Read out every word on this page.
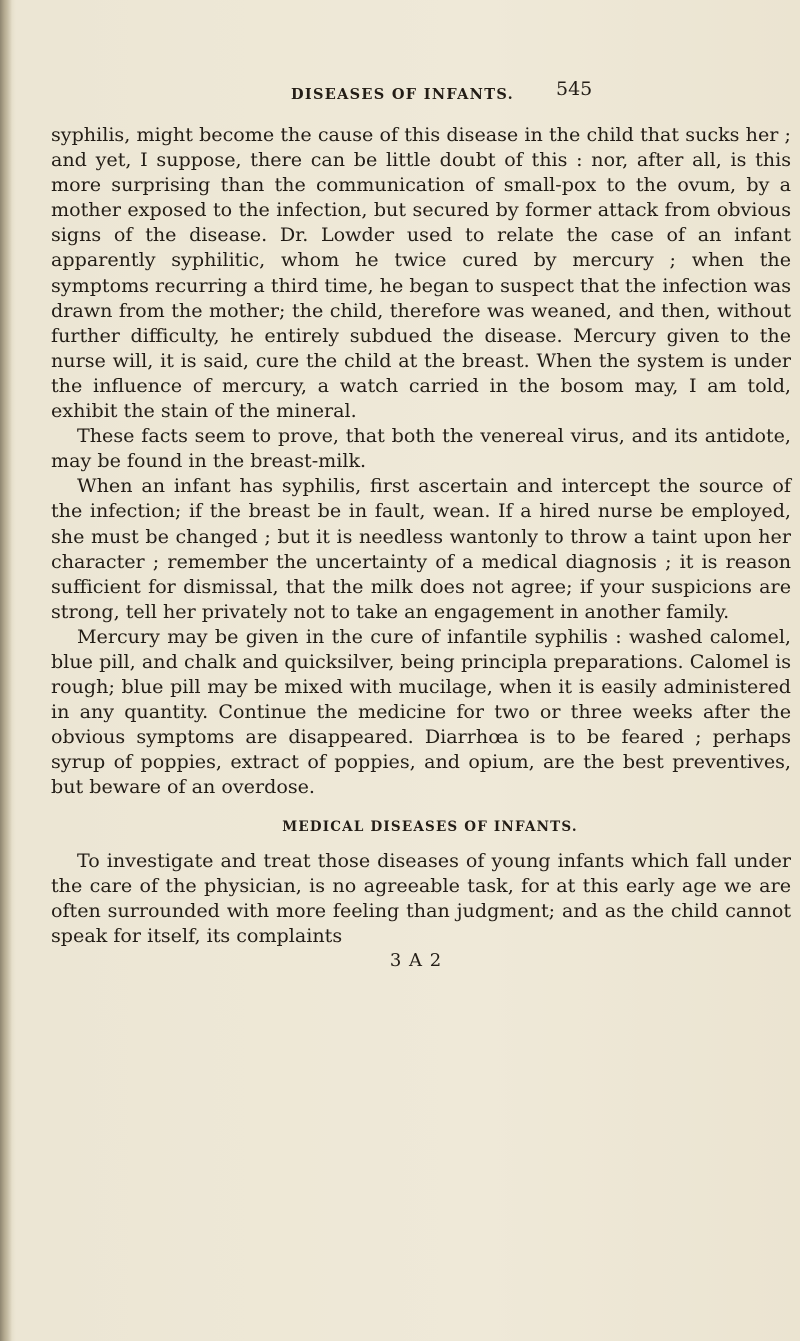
DISEASES OF INFANTS. 545

syphilis, might become the cause of this disease in the child that sucks her ; and yet, I suppose, there can be little doubt of this : nor, after all, is this more surprising than the communication of small-pox to the ovum, by a mother exposed to the infection, but secured by former attack from obvious signs of the disease. Dr. Lowder used to relate the case of an infant apparently syphilitic, whom he twice cured by mercury ; when the symptoms recurring a third time, he began to suspect that the infection was drawn from the mother; the child, therefore was weaned, and then, without further difficulty, he entirely subdued the disease. Mercury given to the nurse will, it is said, cure the child at the breast. When the system is under the influence of mercury, a watch carried in the bosom may, I am told, exhibit the stain of the mineral.

These facts seem to prove, that both the venereal virus, and its antidote, may be found in the breast-milk.

When an infant has syphilis, first ascertain and intercept the source of the infection; if the breast be in fault, wean. If a hired nurse be employed, she must be changed ; but it is needless wantonly to throw a taint upon her character ; remember the uncertainty of a medical diagnosis ; it is reason sufficient for dismissal, that the milk does not agree; if your suspicions are strong, tell her privately not to take an engagement in another family.

Mercury may be given in the cure of infantile syphilis : washed calomel, blue pill, and chalk and quicksilver, being principla preparations. Calomel is rough; blue pill may be mixed with mucilage, when it is easily administered in any quantity. Continue the medicine for two or three weeks after the obvious symptoms are disappeared. Diarrhœa is to be feared ; perhaps syrup of poppies, extract of poppies, and opium, are the best preventives, but beware of an overdose.

MEDICAL DISEASES OF INFANTS.

To investigate and treat those diseases of young infants which fall under the care of the physician, is no agreeable task, for at this early age we are often surrounded with more feeling than judgment; and as the child cannot speak for itself, its complaints

3 A 2
